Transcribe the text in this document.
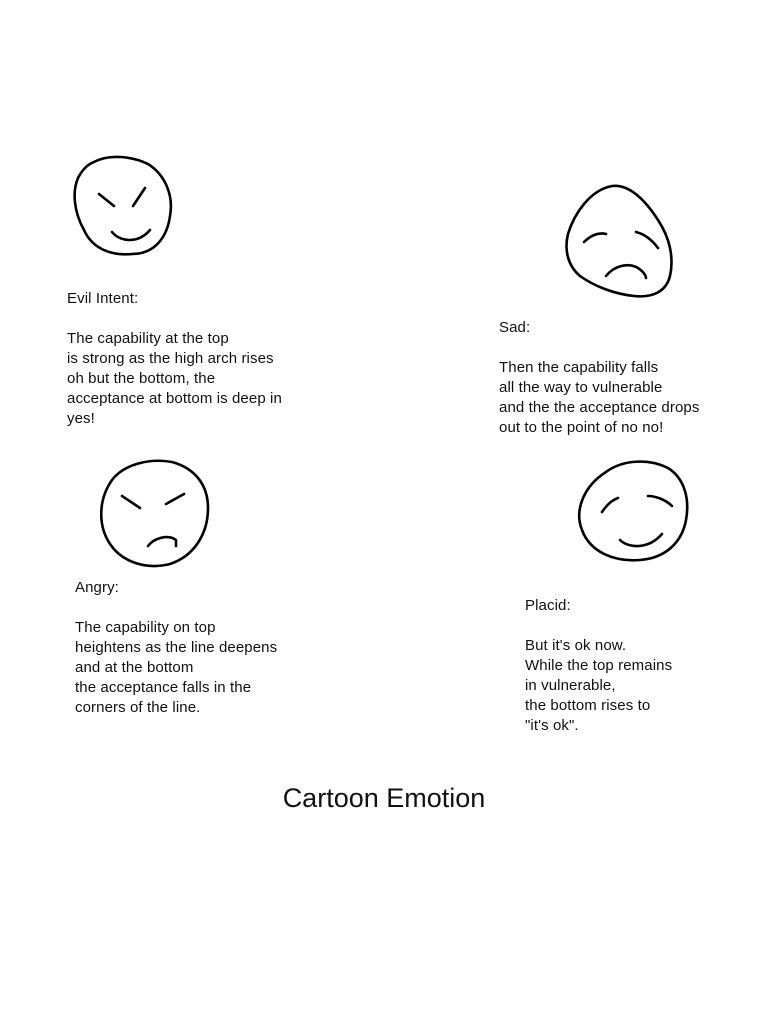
Evil Intent:
The capability at the top
is strong as the high arch rises
oh but the bottom, the
acceptance at bottom is deep in
yes!
Sad:
Then the capability falls
all the way to vulnerable
and the the acceptance drops
out to the point of no no!
Angry:
The capability on top
heightens as the line deepens
and at the bottom
the acceptance falls in the
corners of the line.
Placid:
But it's ok now.
While the top remains
in vulnerable,
the bottom rises to
"it's ok".
Cartoon Emotion
